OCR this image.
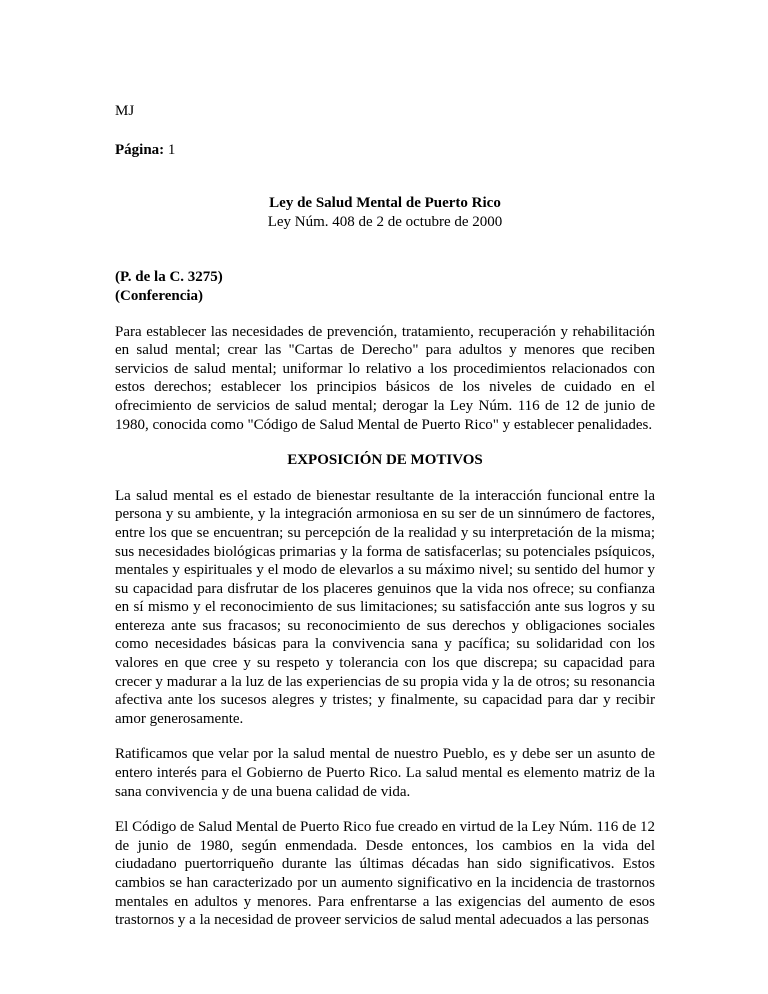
MJ
Página: 1
Ley de Salud Mental de Puerto Rico
Ley Núm. 408 de 2 de octubre de 2000
(P. de la C. 3275)
(Conferencia)

Para establecer las necesidades de prevención, tratamiento, recuperación y rehabilitación en salud mental; crear las "Cartas de Derecho" para adultos y menores que reciben servicios de salud mental; uniformar lo relativo a los procedimientos relacionados con estos derechos; establecer los principios básicos de los niveles de cuidado en el ofrecimiento de servicios de salud mental; derogar la Ley Núm. 116 de 12 de junio de 1980, conocida como "Código de Salud Mental de Puerto Rico" y establecer penalidades.

EXPOSICIÓN DE MOTIVOS

La salud mental es el estado de bienestar resultante de la interacción funcional entre la persona y su ambiente, y la integración armoniosa en su ser de un sinnúmero de factores, entre los que se encuentran; su percepción de la realidad y su interpretación de la misma; sus necesidades biológicas primarias y la forma de satisfacerlas; su potenciales psíquicos, mentales y espirituales y el modo de elevarlos a su máximo nivel; su sentido del humor y su capacidad para disfrutar de los placeres genuinos que la vida nos ofrece; su confianza en sí mismo y el reconocimiento de sus limitaciones; su satisfacción ante sus logros y su entereza ante sus fracasos; su reconocimiento de sus derechos y obligaciones sociales como necesidades básicas para la convivencia sana y pacífica; su solidaridad con los valores en que cree y su respeto y tolerancia con los que discrepa; su capacidad para crecer y madurar a la luz de las experiencias de su propia vida y la de otros; su resonancia afectiva ante los sucesos alegres y tristes; y finalmente, su capacidad para dar y recibir amor generosamente.

Ratificamos que velar por la salud mental de nuestro Pueblo, es y debe ser un asunto de entero interés para el Gobierno de Puerto Rico. La salud mental es elemento matriz de la sana convivencia y de una buena calidad de vida.

El Código de Salud Mental de Puerto Rico fue creado en virtud de la Ley Núm. 116 de 12 de junio de 1980, según enmendada. Desde entonces, los cambios en la vida del ciudadano puertorriqueño durante las últimas décadas han sido significativos. Estos cambios se han caracterizado por un aumento significativo en la incidencia de trastornos mentales en adultos y menores. Para enfrentarse a las exigencias del aumento de esos trastornos y a la necesidad de proveer servicios de salud mental adecuados a las personas
